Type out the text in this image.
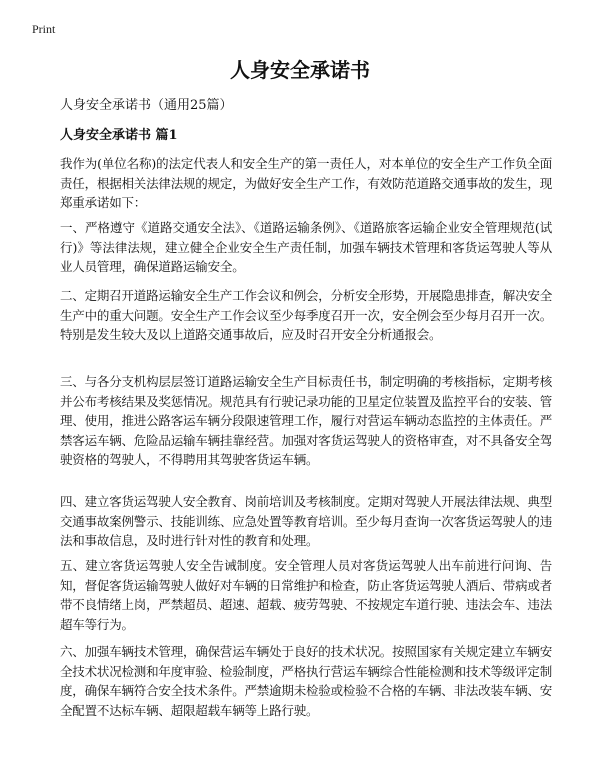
Print
人身安全承诺书

人身安全承诺书（通用25篇）

人身安全承诺书 篇1

我作为(单位名称)的法定代表人和安全生产的第一责任人，对本单位的安全生产工作负全面责任，根据相关法律法规的规定，为做好安全生产工作，有效防范道路交通事故的发生，现郑重承诺如下：

一、严格遵守《道路交通安全法》、《道路运输条例》、《道路旅客运输企业安全管理规范(试行)》等法律法规，建立健全企业安全生产责任制，加强车辆技术管理和客货运驾驶人等从业人员管理，确保道路运输安全。

二、定期召开道路运输安全生产工作会议和例会，分析安全形势，开展隐患排查，解决安全生产中的重大问题。安全生产工作会议至少每季度召开一次，安全例会至少每月召开一次。特别是发生较大及以上道路交通事故后，应及时召开安全分析通报会。

三、与各分支机构层层签订道路运输安全生产目标责任书，制定明确的考核指标，定期考核并公布考核结果及奖惩情况。规范具有行驶记录功能的卫星定位装置及监控平台的安装、管理、使用，推进公路客运车辆分段限速管理工作，履行对营运车辆动态监控的主体责任。严禁客运车辆、危险品运输车辆挂靠经营。加强对客货运驾驶人的资格审查，对不具备安全驾驶资格的驾驶人，不得聘用其驾驶客货运车辆。

四、建立客货运驾驶人安全教育、岗前培训及考核制度。定期对驾驶人开展法律法规、典型交通事故案例警示、技能训练、应急处置等教育培训。至少每月查询一次客货运驾驶人的违法和事故信息，及时进行针对性的教育和处理。

五、建立客货运驾驶人安全告诫制度。安全管理人员对客货运驾驶人出车前进行问询、告知，督促客货运输驾驶人做好对车辆的日常维护和检查，防止客货运驾驶人酒后、带病或者带不良情绪上岗，严禁超员、超速、超载、疲劳驾驶、不按规定车道行驶、违法会车、违法超车等行为。

六、加强车辆技术管理，确保营运车辆处于良好的技术状况。按照国家有关规定建立车辆安全技术状况检测和年度审验、检验制度，严格执行营运车辆综合性能检测和技术等级评定制度，确保车辆符合安全技术条件。严禁逾期未检验或检验不合格的车辆、非法改装车辆、安全配置不达标车辆、超限超载车辆等上路行驶。
